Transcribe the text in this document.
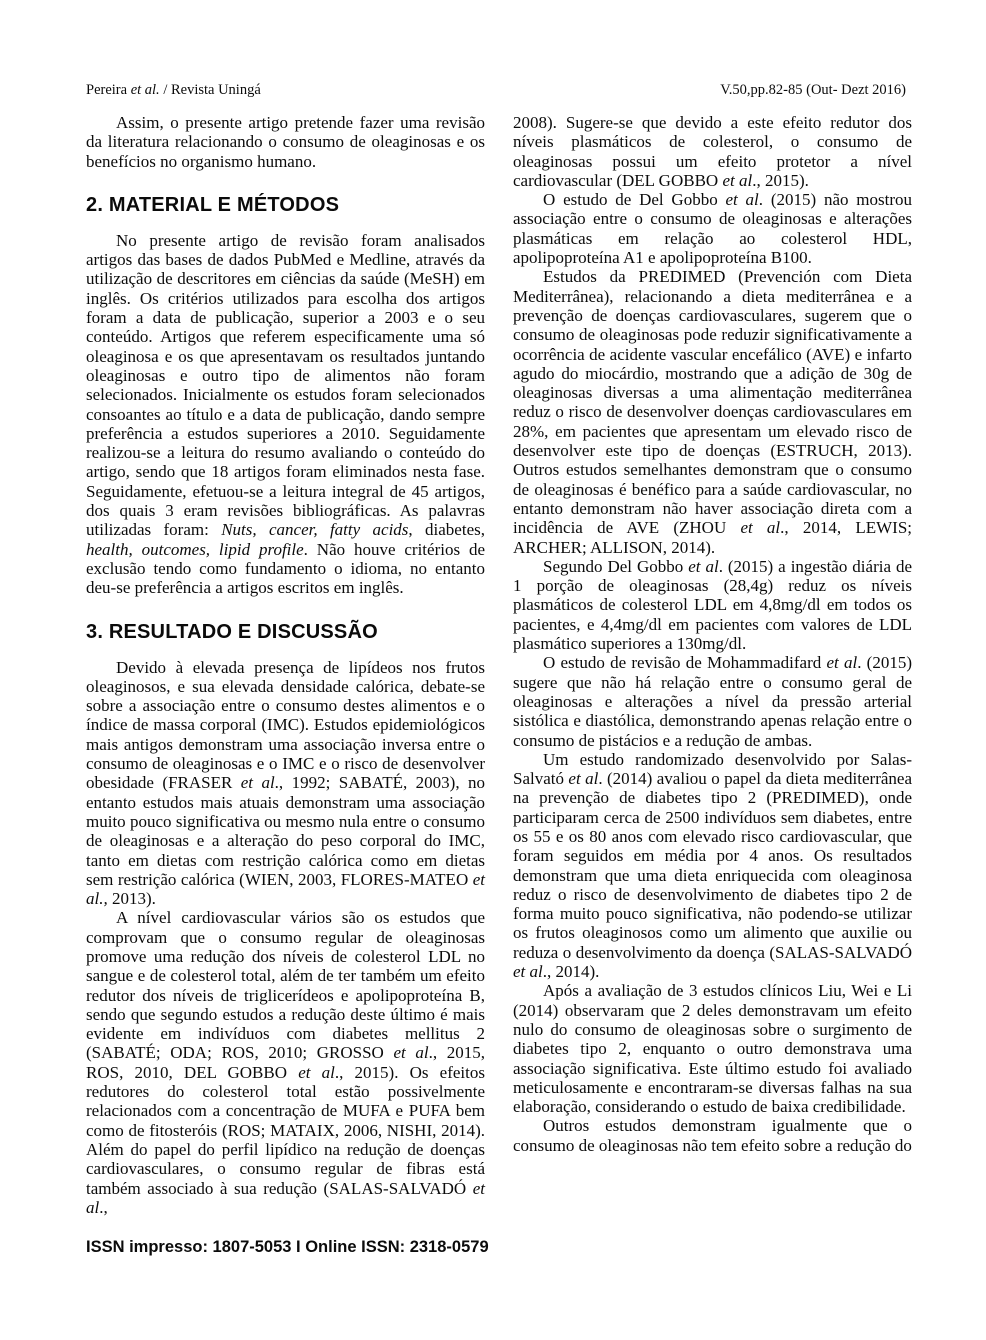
Pereira et al. / Revista Uningá	V.50,pp.82-85 (Out- Dezt 2016)

Assim, o presente artigo pretende fazer uma revisão da literatura relacionando o consumo de oleaginosas e os benefícios no organismo humano.

2. MATERIAL E MÉTODOS

No presente artigo de revisão foram analisados artigos das bases de dados PubMed e Medline, através da utilização de descritores em ciências da saúde (MeSH) em inglês. Os critérios utilizados para escolha dos artigos foram a data de publicação, superior a 2003 e o seu conteúdo. Artigos que referem especificamente uma só oleaginosa e os que apresentavam os resultados juntando oleaginosas e outro tipo de alimentos não foram selecionados. Inicialmente os estudos foram selecionados consoantes ao título e a data de publicação, dando sempre preferência a estudos superiores a 2010. Seguidamente realizou-se a leitura do resumo avaliando o conteúdo do artigo, sendo que 18 artigos foram eliminados nesta fase. Seguidamente, efetuou-se a leitura integral de 45 artigos, dos quais 3 eram revisões bibliográficas. As palavras utilizadas foram: Nuts, cancer, fatty acids, diabetes, health, outcomes, lipid profile. Não houve critérios de exclusão tendo como fundamento o idioma, no entanto deu-se preferência a artigos escritos em inglês.

3. RESULTADO E DISCUSSÃO

Devido à elevada presença de lipídeos nos frutos oleaginosos, e sua elevada densidade calórica, debate-se sobre a associação entre o consumo destes alimentos e o índice de massa corporal (IMC). Estudos epidemiológicos mais antigos demonstram uma associação inversa entre o consumo de oleaginosas e o IMC e o risco de desenvolver obesidade (FRASER et al., 1992; SABATÉ, 2003), no entanto estudos mais atuais demonstram uma associação muito pouco significativa ou mesmo nula entre o consumo de oleaginosas e a alteração do peso corporal do IMC, tanto em dietas com restrição calórica como em dietas sem restrição calórica (WIEN, 2003, FLORES-MATEO et al., 2013).

A nível cardiovascular vários são os estudos que comprovam que o consumo regular de oleaginosas promove uma redução dos níveis de colesterol LDL no sangue e de colesterol total, além de ter também um efeito redutor dos níveis de triglicerídeos e apolipoproteína B, sendo que segundo estudos a redução deste último é mais evidente em indivíduos com diabetes mellitus 2 (SABATÉ; ODA; ROS, 2010; GROSSO et al., 2015, ROS, 2010, DEL GOBBO et al., 2015). Os efeitos redutores do colesterol total estão possivelmente relacionados com a concentração de MUFA e PUFA bem como de fitosteróis (ROS; MATAIX, 2006, NISHI, 2014). Além do papel do perfil lipídico na redução de doenças cardiovasculares, o consumo regular de fibras está também associado à sua redução (SALAS-SALVADÓ et al.,

2008). Sugere-se que devido a este efeito redutor dos níveis plasmáticos de colesterol, o consumo de oleaginosas possui um efeito protetor a nível cardiovascular (DEL GOBBO et al., 2015).

O estudo de Del Gobbo et al. (2015) não mostrou associação entre o consumo de oleaginosas e alterações plasmáticas em relação ao colesterol HDL, apolipoproteína A1 e apolipoproteína B100.

Estudos da PREDIMED (Prevención com Dieta Mediterrânea), relacionando a dieta mediterrânea e a prevenção de doenças cardiovasculares, sugerem que o consumo de oleaginosas pode reduzir significativamente a ocorrência de acidente vascular encefálico (AVE) e infarto agudo do miocárdio, mostrando que a adição de 30g de oleaginosas diversas a uma alimentação mediterrânea reduz o risco de desenvolver doenças cardiovasculares em 28%, em pacientes que apresentam um elevado risco de desenvolver este tipo de doenças (ESTRUCH, 2013). Outros estudos semelhantes demonstram que o consumo de oleaginosas é benéfico para a saúde cardiovascular, no entanto demonstram não haver associação direta com a incidência de AVE (ZHOU et al., 2014, LEWIS; ARCHER; ALLISON, 2014).

Segundo Del Gobbo et al. (2015) a ingestão diária de 1 porção de oleaginosas (28,4g) reduz os níveis plasmáticos de colesterol LDL em 4,8mg/dl em todos os pacientes, e 4,4mg/dl em pacientes com valores de LDL plasmático superiores a 130mg/dl.

O estudo de revisão de Mohammadifard et al. (2015) sugere que não há relação entre o consumo geral de oleaginosas e alterações a nível da pressão arterial sistólica e diastólica, demonstrando apenas relação entre o consumo de pistácios e a redução de ambas.

Um estudo randomizado desenvolvido por Salas-Salvató et al. (2014) avaliou o papel da dieta mediterrânea na prevenção de diabetes tipo 2 (PREDIMED), onde participaram cerca de 2500 indivíduos sem diabetes, entre os 55 e os 80 anos com elevado risco cardiovascular, que foram seguidos em média por 4 anos. Os resultados demonstram que uma dieta enriquecida com oleaginosa reduz o risco de desenvolvimento de diabetes tipo 2 de forma muito pouco significativa, não podendo-se utilizar os frutos oleaginosos como um alimento que auxilie ou reduza o desenvolvimento da doença (SALAS-SALVADÓ et al., 2014).

Após a avaliação de 3 estudos clínicos Liu, Wei e Li (2014) observaram que 2 deles demonstravam um efeito nulo do consumo de oleaginosas sobre o surgimento de diabetes tipo 2, enquanto o outro demonstrava uma associação significativa. Este último estudo foi avaliado meticulosamente e encontraram-se diversas falhas na sua elaboração, considerando o estudo de baixa credibilidade.

Outros estudos demonstram igualmente que o consumo de oleaginosas não tem efeito sobre a redução do

ISSN impresso: 1807-5053 I Online ISSN: 2318-0579
